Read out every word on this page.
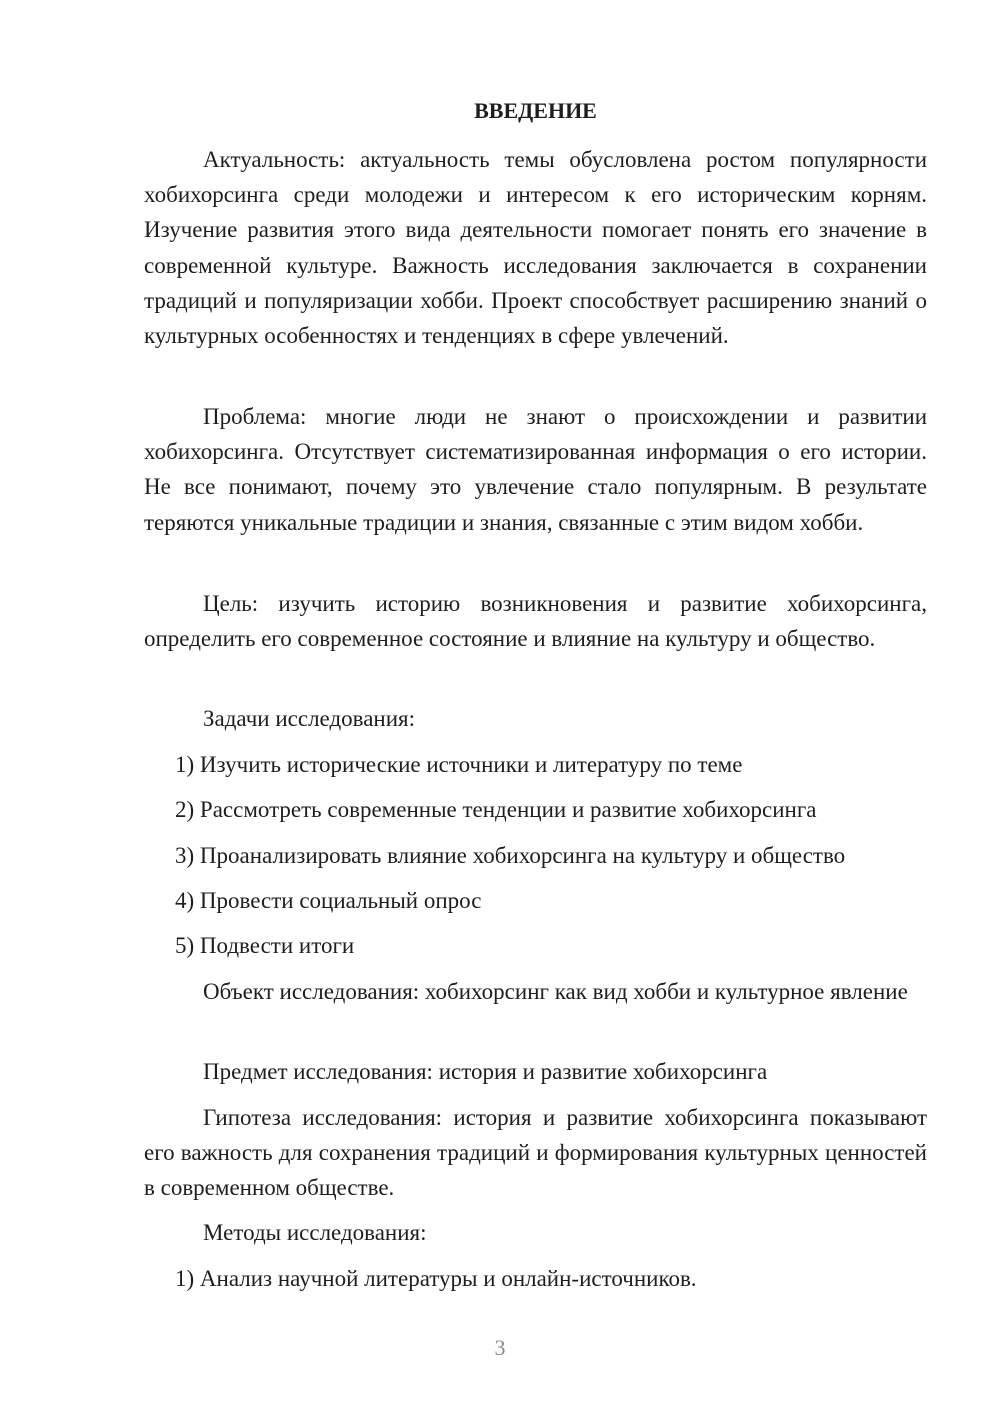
ВВЕДЕНИЕ

Актуальность: актуальность темы обусловлена ростом популярности хобихорсинга среди молодежи и интересом к его историческим корням. Изучение развития этого вида деятельности помогает понять его значение в современной культуре. Важность исследования заключается в сохранении традиций и популяризации хобби. Проект способствует расширению знаний о культурных особенностях и тенденциях в сфере увлечений.

Проблема: многие люди не знают о происхождении и развитии хобихорсинга. Отсутствует систематизированная информация о его истории. Не все понимают, почему это увлечение стало популярным. В результате теряются уникальные традиции и знания, связанные с этим видом хобби.

Цель: изучить историю возникновения и развитие хобихорсинга, определить его современное состояние и влияние на культуру и общество.

Задачи исследования:

1) Изучить исторические источники и литературу по теме

2) Рассмотреть современные тенденции и развитие хобихорсинга

3) Проанализировать влияние хобихорсинга на культуру и общество

4) Провести социальный опрос

5) Подвести итоги

Объект исследования: хобихорсинг как вид хобби и культурное явление

Предмет исследования: история и развитие хобихорсинга

Гипотеза исследования: история и развитие хобихорсинга показывают его важность для сохранения традиций и формирования культурных ценностей в современном обществе.

Методы исследования:

1) Анализ научной литературы и онлайн-источников.

3
